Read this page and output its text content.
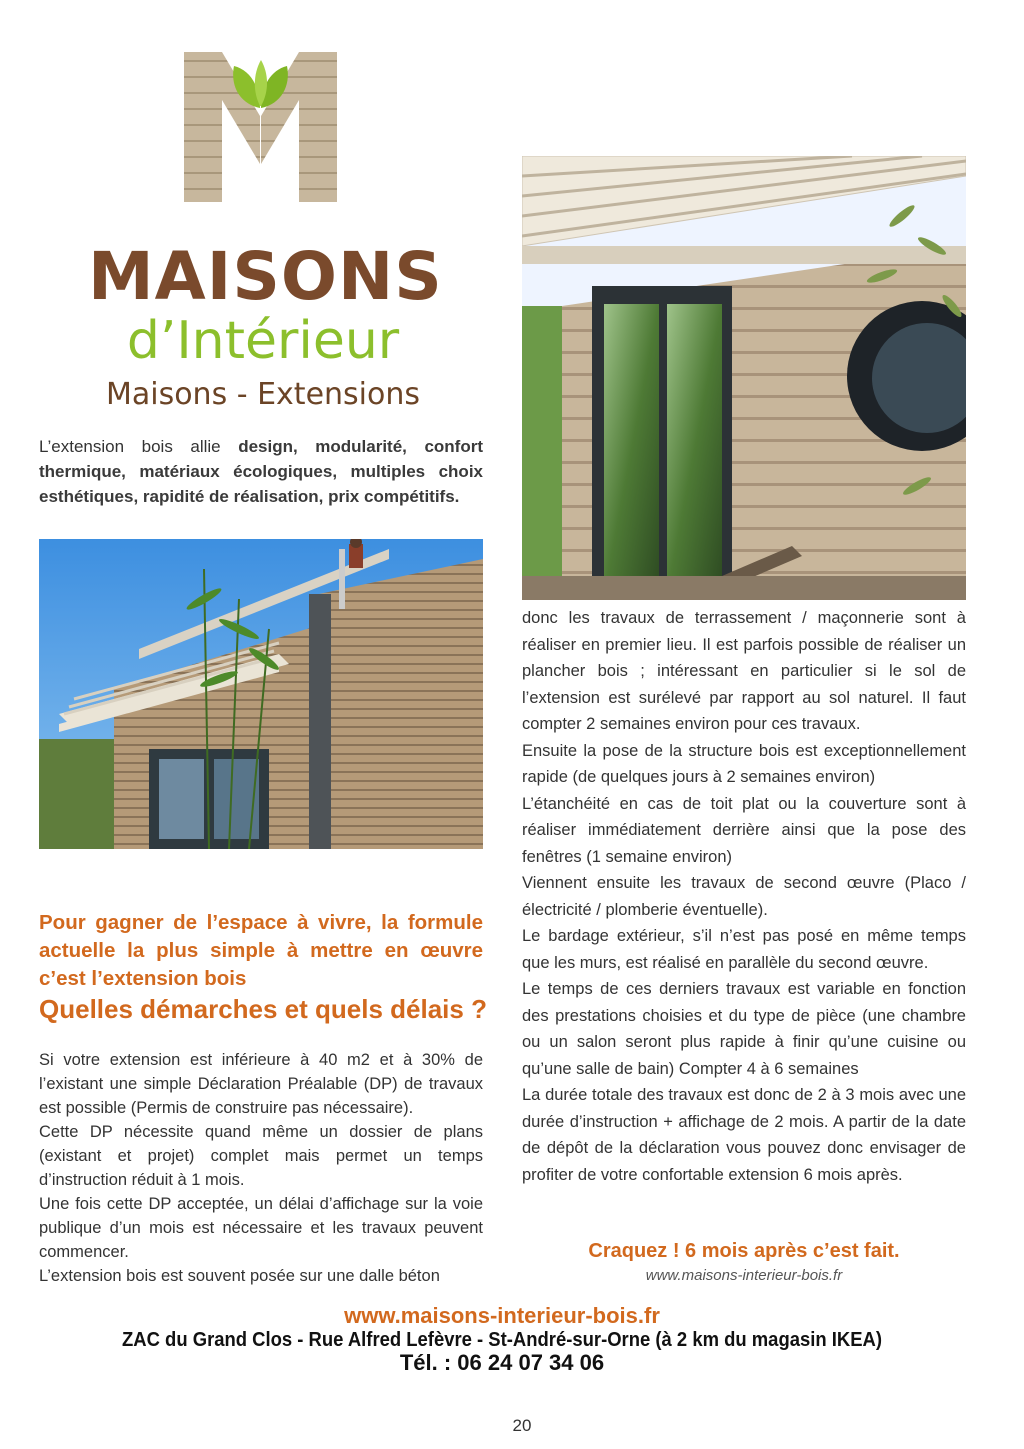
MAISONS
d’Intérieur
Maisons - Extensions
L’extension bois allie design, modularité, confort thermique, matériaux écologiques, multiples choix esthétiques, rapidité de réalisation, prix compétitifs.
Pour gagner de l’espace à vivre, la formule actuelle la plus simple à mettre en œuvre c’est l’extension bois
Quelles démarches et quels délais ?

Si votre extension est inférieure à 40 m2 et à 30% de l’existant une simple Déclaration Préalable (DP) de travaux est possible (Permis de construire pas nécessaire).

Cette DP nécessite quand même un dossier de plans (existant et projet) complet mais permet un temps d’instruction réduit à 1 mois.

Une fois cette DP acceptée, un délai d’affichage sur la voie publique d’un mois est nécessaire et les travaux peuvent commencer.

L’extension bois est souvent posée sur une dalle béton

donc les travaux de terrassement / maçonnerie sont à réaliser en premier lieu. Il est parfois possible de réaliser un plancher bois ; intéressant en particulier si le sol de l’extension est surélevé par rapport au sol naturel. Il faut compter 2 semaines environ pour ces travaux.

Ensuite la pose de la structure bois est exceptionnellement rapide (de quelques jours à 2 semaines environ)

L’étanchéité en cas de toit plat ou la couverture sont à réaliser immédiatement derrière ainsi que la pose des fenêtres (1 semaine environ)

Viennent ensuite les travaux de second œuvre (Placo / électricité / plomberie éventuelle).

Le bardage extérieur, s’il n’est pas posé en même temps que les murs, est réalisé en parallèle du second œuvre.

Le temps de ces derniers travaux est variable en fonction des prestations choisies et du type de pièce (une chambre ou un salon seront plus rapide à finir qu’une cuisine ou qu’une salle de bain) Compter 4 à 6 semaines

La durée totale des travaux est donc de 2 à 3 mois avec une durée d’instruction + affichage de 2 mois. A partir de la date de dépôt de la déclaration vous pouvez donc envisager de profiter de votre confortable extension 6 mois après.

Craquez ! 6 mois après c’est fait.
www.maisons-interieur-bois.fr
www.maisons-interieur-bois.fr
ZAC du Grand Clos - Rue Alfred Lefèvre - St-André-sur-Orne (à 2 km du magasin IKEA)
Tél. : 06 24 07 34 06
20
